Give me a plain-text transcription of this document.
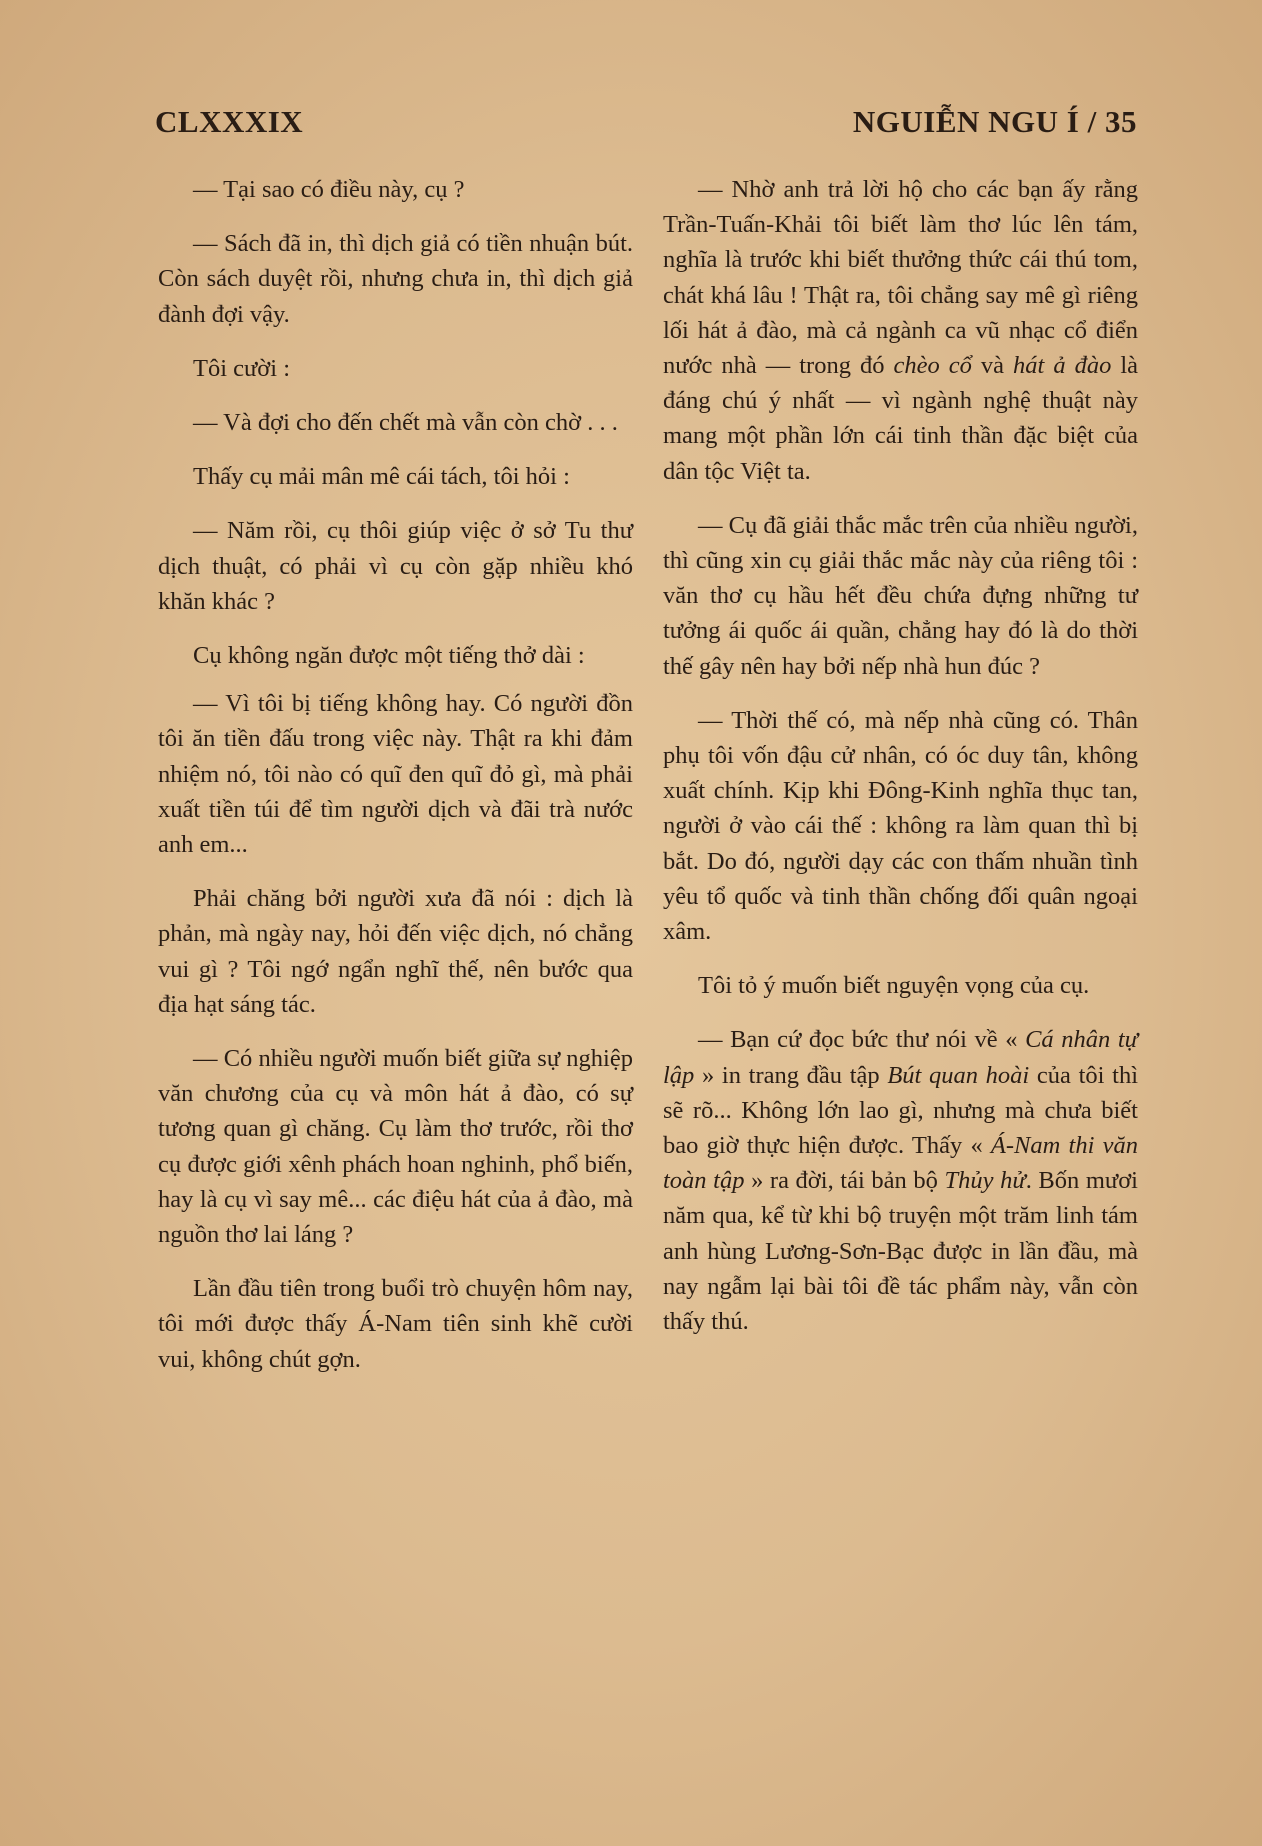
CLXXXIX	NGUIỄN NGU Í / 35

— Tại sao có điều này, cụ ?

— Sách đã in, thì dịch giả có tiền nhuận bút. Còn sách duyệt rồi, nhưng chưa in, thì dịch giả đành đợi vậy.

Tôi cười :

— Và đợi cho đến chết mà vẫn còn chờ . . .

Thấy cụ mải mân mê cái tách, tôi hỏi :

— Năm rồi, cụ thôi giúp việc ở sở Tu thư dịch thuật, có phải vì cụ còn gặp nhiều khó khăn khác ?

Cụ không ngăn được một tiếng thở dài :

— Vì tôi bị tiếng không hay. Có người đồn tôi ăn tiền đấu trong việc này. Thật ra khi đảm nhiệm nó, tôi nào có quĩ đen quĩ đỏ gì, mà phải xuất tiền túi để tìm người dịch và đãi trà nước anh em...

Phải chăng bởi người xưa đã nói : dịch là phản, mà ngày nay, hỏi đến việc dịch, nó chẳng vui gì ? Tôi ngớ ngẩn nghĩ thế, nên bước qua địa hạt sáng tác.

— Có nhiều người muốn biết giữa sự nghiệp văn chương của cụ và môn hát ả đào, có sự tương quan gì chăng. Cụ làm thơ trước, rồi thơ cụ được giới xênh phách hoan nghinh, phổ biến, hay là cụ vì say mê... các điệu hát của ả đào, mà nguồn thơ lai láng ?

Lần đầu tiên trong buổi trò chuyện hôm nay, tôi mới được thấy Á-Nam tiên sinh khẽ cười vui, không chút gợn.

— Nhờ anh trả lời hộ cho các bạn ấy rằng Trần-Tuấn-Khải tôi biết làm thơ lúc lên tám, nghĩa là trước khi biết thưởng thức cái thú tom, chát khá lâu ! Thật ra, tôi chẳng say mê gì riêng lối hát ả đào, mà cả ngành ca vũ nhạc cổ điển nước nhà — trong đó chèo cổ và hát ả đào là đáng chú ý nhất — vì ngành nghệ thuật này mang một phần lớn cái tinh thần đặc biệt của dân tộc Việt ta.

— Cụ đã giải thắc mắc trên của nhiều người, thì cũng xin cụ giải thắc mắc này của riêng tôi : văn thơ cụ hầu hết đều chứa đựng những tư tưởng ái quốc ái quần, chẳng hay đó là do thời thế gây nên hay bởi nếp nhà hun đúc ?

— Thời thế có, mà nếp nhà cũng có. Thân phụ tôi vốn đậu cử nhân, có óc duy tân, không xuất chính. Kịp khi Đông-Kinh nghĩa thục tan, người ở vào cái thế : không ra làm quan thì bị bắt. Do đó, người dạy các con thấm nhuần tình yêu tổ quốc và tinh thần chống đối quân ngoại xâm.

Tôi tỏ ý muốn biết nguyện vọng của cụ.

— Bạn cứ đọc bức thư nói về « Cá nhân tự lập » in trang đầu tập Bút quan hoài của tôi thì sẽ rõ... Không lớn lao gì, nhưng mà chưa biết bao giờ thực hiện được. Thấy « Á-Nam thi văn toàn tập » ra đời, tái bản bộ Thủy hử. Bốn mươi năm qua, kể từ khi bộ truyện một trăm linh tám anh hùng Lương-Sơn-Bạc được in lần đầu, mà nay ngẫm lại bài tôi đề tác phẩm này, vẫn còn thấy thú.
